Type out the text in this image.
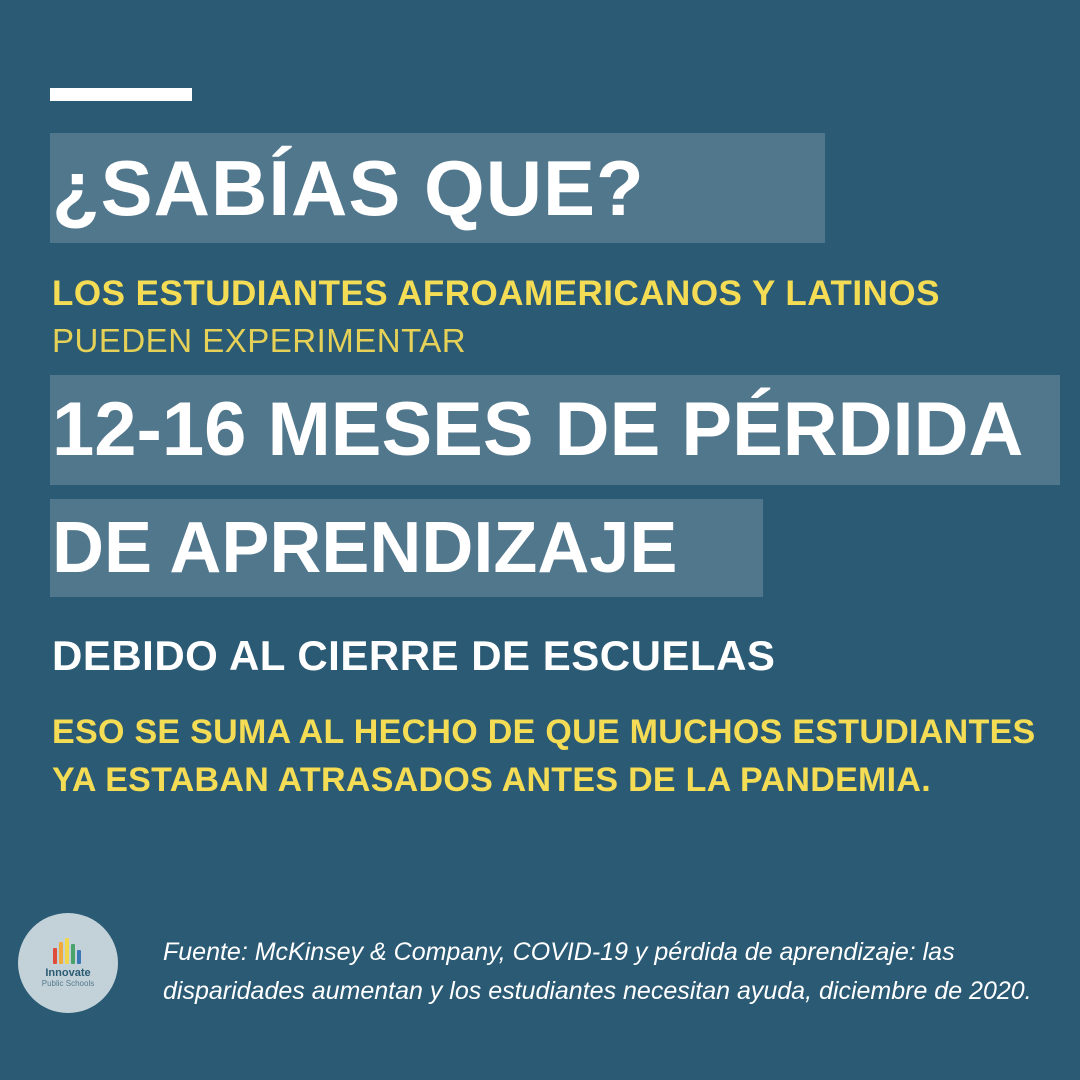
¿SABÍAS QUE?
LOS ESTUDIANTES AFROAMERICANOS Y LATINOS
PUEDEN EXPERIMENTAR
12-16 MESES DE PÉRDIDA
DE APRENDIZAJE
DEBIDO AL CIERRE DE ESCUELAS
ESO SE SUMA AL HECHO DE QUE MUCHOS ESTUDIANTES
YA ESTABAN ATRASADOS ANTES DE LA PANDEMIA.
Innovate
Public Schools
Fuente: McKinsey & Company, COVID-19 y pérdida de aprendizaje: las disparidades aumentan y los estudiantes necesitan ayuda, diciembre de 2020.
